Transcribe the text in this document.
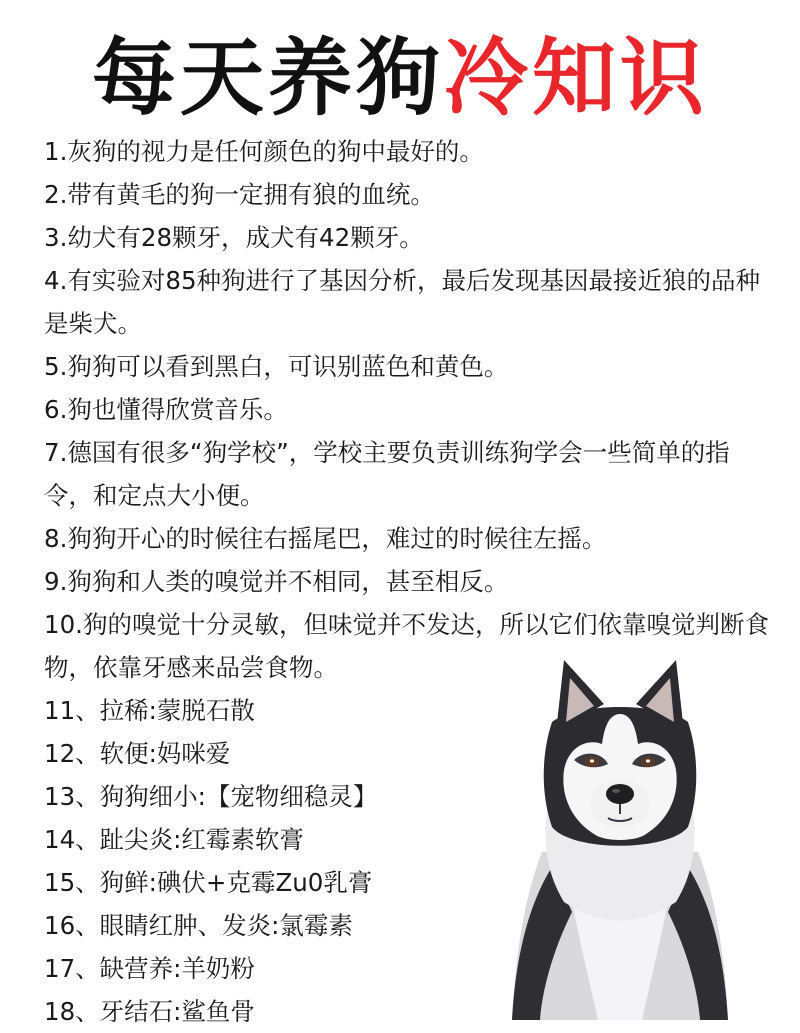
每天养狗冷知识
1.灰狗的视力是任何颜色的狗中最好的。
2.带有黄毛的狗一定拥有狼的血统。
3.幼犬有28颗牙，成犬有42颗牙。
4.有实验对85种狗进行了基因分析，最后发现基因最接近狼的品种是柴犬。
5.狗狗可以看到黑白，可识别蓝色和黄色。
6.狗也懂得欣赏音乐。
7.德国有很多“狗学校”，学校主要负责训练狗学会一些简单的指令，和定点大小便。
8.狗狗开心的时候往右摇尾巴，难过的时候往左摇。
9.狗狗和人类的嗅觉并不相同，甚至相反。
10.狗的嗅觉十分灵敏，但味觉并不发达，所以它们依靠嗅觉判断食物，依靠牙感来品尝食物。
11、拉稀:蒙脱石散
12、软便:妈咪爱
13、狗狗细小:【宠物细稳灵】
14、趾尖炎:红霉素软膏
15、狗鲜:碘伏+克霉Zu0乳膏
16、眼睛红肿、发炎:氯霉素
17、缺营养:羊奶粉
18、牙结石:鲨鱼骨
